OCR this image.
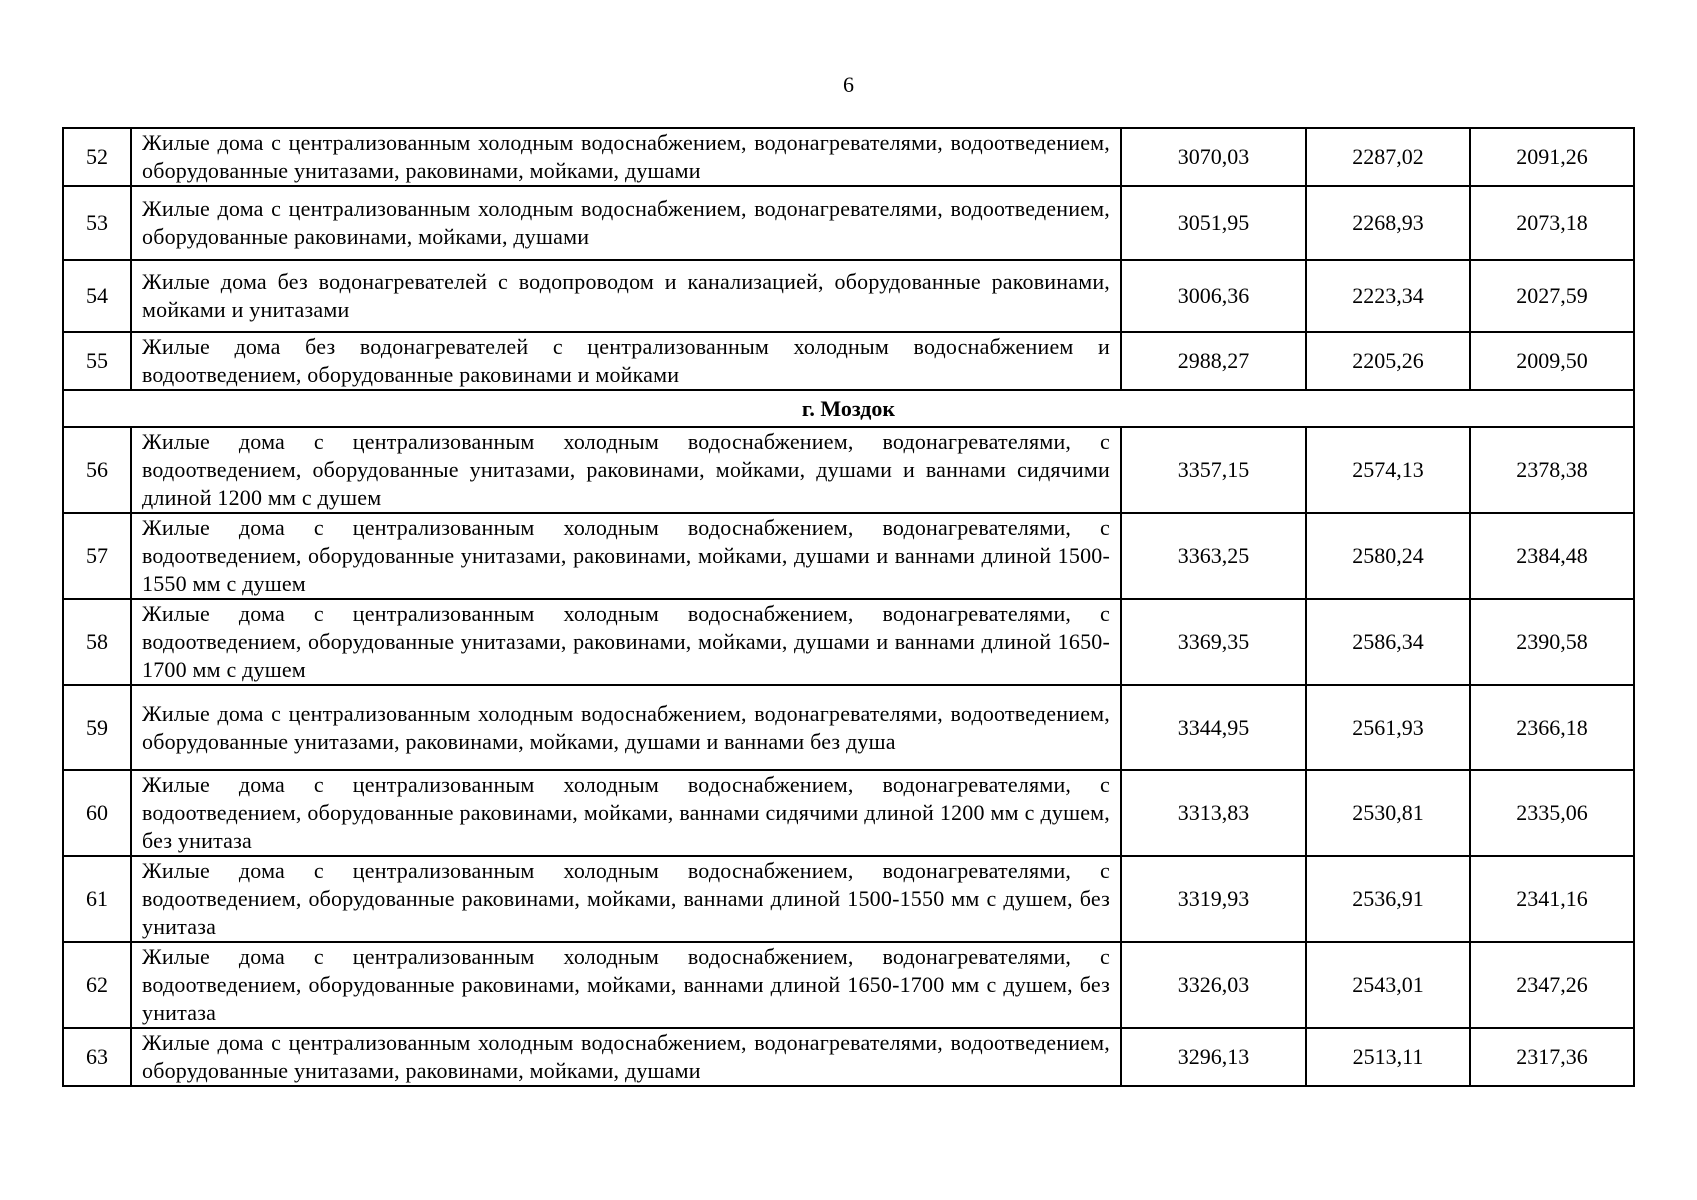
6
52	Жилые дома с централизованным холодным водоснабжением, водонагревателями, водоотведением, оборудованные унитазами, раковинами, мойками, душами	3070,03	2287,02	2091,26
53	Жилые дома с централизованным холодным водоснабжением, водонагревателями, водоотведением, оборудованные раковинами, мойками, душами	3051,95	2268,93	2073,18
54	Жилые дома без водонагревателей с водопроводом и канализацией, оборудованные раковинами, мойками и унитазами	3006,36	2223,34	2027,59
55	Жилые дома без водонагревателей с централизованным холодным водоснабжением и водоотведением, оборудованные раковинами и мойками	2988,27	2205,26	2009,50
г. Моздок				
56	Жилые дома с централизованным холодным водоснабжением, водонагревателями, с водоотведением, оборудованные унитазами, раковинами, мойками, душами и ваннами сидячими длиной 1200 мм с душем	3357,15	2574,13	2378,38
57	Жилые дома с централизованным холодным водоснабжением, водонагревателями, с водоотведением, оборудованные унитазами, раковинами, мойками, душами и ваннами длиной 1500-1550 мм с душем	3363,25	2580,24	2384,48
58	Жилые дома с централизованным холодным водоснабжением, водонагревателями, с водоотведением, оборудованные унитазами, раковинами, мойками, душами и ваннами длиной 1650-1700 мм с душем	3369,35	2586,34	2390,58
59	Жилые дома с централизованным холодным водоснабжением, водонагревателями, водоотведением, оборудованные унитазами, раковинами, мойками, душами и ваннами без душа	3344,95	2561,93	2366,18
60	Жилые дома с централизованным холодным водоснабжением, водонагревателями, с водоотведением, оборудованные раковинами, мойками, ваннами сидячими длиной 1200 мм с душем, без унитаза	3313,83	2530,81	2335,06
61	Жилые дома с централизованным холодным водоснабжением, водонагревателями, с водоотведением, оборудованные раковинами, мойками, ваннами длиной 1500-1550 мм с душем, без унитаза	3319,93	2536,91	2341,16
62	Жилые дома с централизованным холодным водоснабжением, водонагревателями, с водоотведением, оборудованные раковинами, мойками, ваннами длиной 1650-1700 мм с душем, без унитаза	3326,03	2543,01	2347,26
63	Жилые дома с централизованным холодным водоснабжением, водонагревателями, водоотведением, оборудованные унитазами, раковинами, мойками, душами	3296,13	2513,11	2317,36
